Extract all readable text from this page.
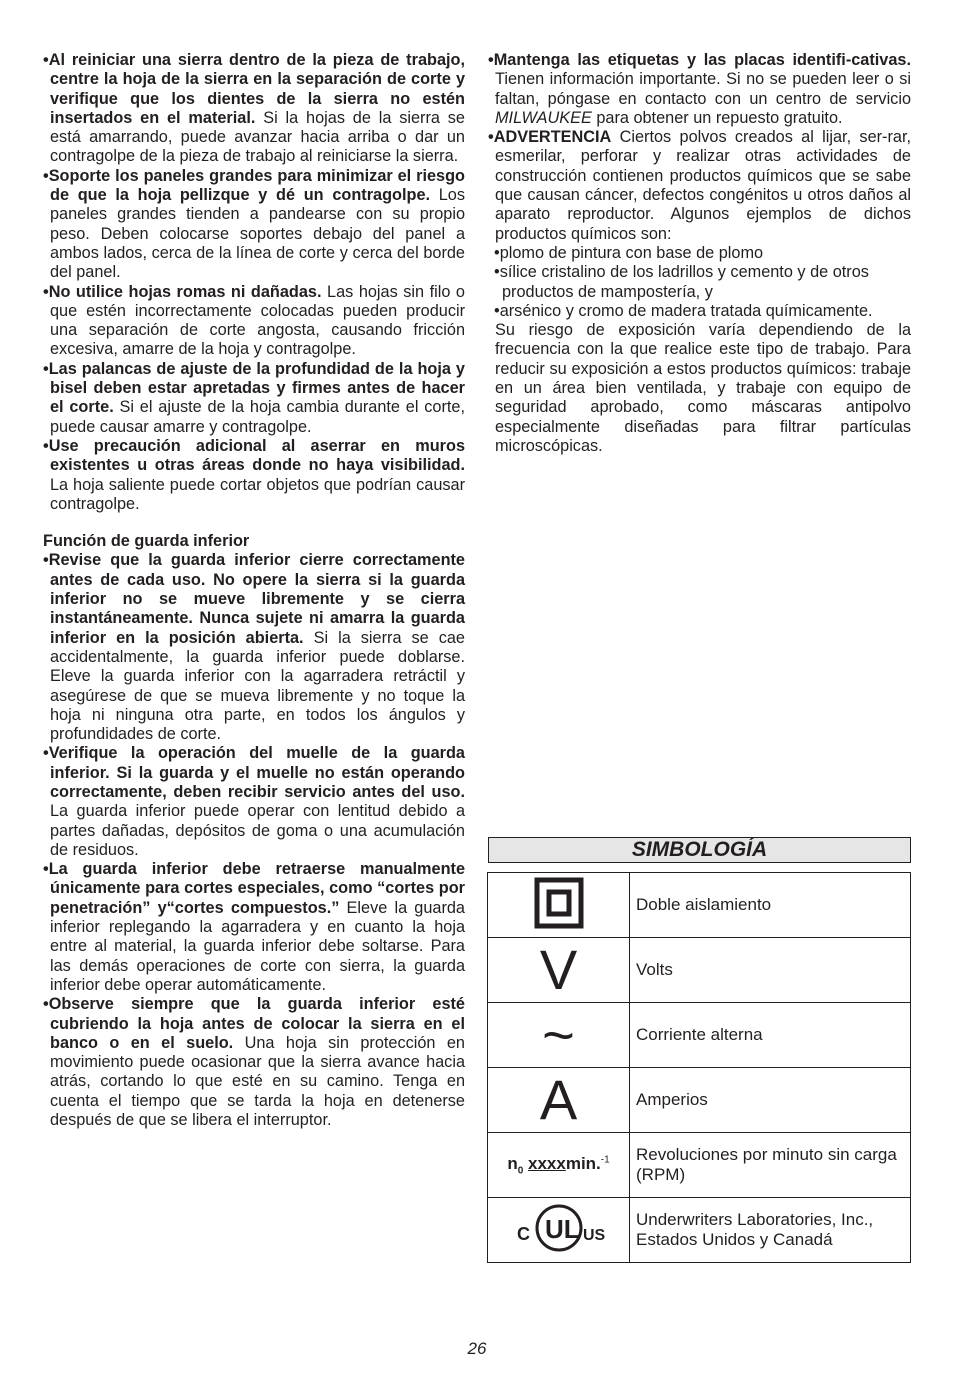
•Al reiniciar una sierra dentro de la pieza de trabajo, centre la hoja de la sierra en la separación de corte y verifique que los dientes de la sierra no estén insertados en el material. Si la hojas de la sierra se está amarrando, puede avanzar hacia arriba o dar un contragolpe de la pieza de trabajo al reiniciarse la sierra.

•Soporte los paneles grandes para minimizar el riesgo de que la hoja pellizque y dé un contragolpe. Los paneles grandes tienden a pandearse con su propio peso. Deben colocarse soportes debajo del panel a ambos lados, cerca de la línea de corte y cerca del borde del panel.

•No utilice hojas romas ni dañadas. Las hojas sin filo o que estén incorrectamente colocadas pueden producir una separación de corte angosta, causando fricción excesiva, amarre de la hoja y contragolpe.

•Las palancas de ajuste de la profundidad de la hoja y bisel deben estar apretadas y firmes antes de hacer el corte. Si el ajuste de la hoja cambia durante el corte, puede causar amarre y contragolpe.

•Use precaución adicional al aserrar en muros existentes u otras áreas donde no haya visibilidad. La hoja saliente puede cortar objetos que podrían causar contragolpe.

Función de guarda inferior

•Revise que la guarda inferior cierre correctamente antes de cada uso. No opere la sierra si la guarda inferior no se mueve libremente y se cierra instantáneamente. Nunca sujete ni amarra la guarda inferior en la posición abierta. Si la sierra se cae accidentalmente, la guarda inferior puede doblarse. Eleve la guarda inferior con la agarradera retráctil y asegúrese de que se mueva libremente y no toque la hoja ni ninguna otra parte, en todos los ángulos y profundidades de corte.

•Verifique la operación del muelle de la guarda inferior. Si la guarda y el muelle no están operando correctamente, deben recibir servicio antes del uso. La guarda inferior puede operar con lentitud debido a partes dañadas, depósitos de goma o una acumulación de residuos.

•La guarda inferior debe retraerse manualmente únicamente para cortes especiales, como “cortes por penetración” y“cortes compuestos.” Eleve la guarda inferior replegando la agarradera y en cuanto la hoja entre al material, la guarda inferior debe soltarse. Para las demás operaciones de corte con sierra, la guarda inferior debe operar automáticamente.

•Observe siempre que la guarda inferior esté cubriendo la hoja antes de colocar la sierra en el banco o en el suelo. Una hoja sin protección en movimiento puede ocasionar que la sierra avance hacia atrás, cortando lo que esté en su camino. Tenga en cuenta el tiempo que se tarda la hoja en detenerse después de que se libera el interruptor.

•Mantenga las etiquetas y las placas identifi-cativas. Tienen información importante. Si no se pueden leer o si faltan, póngase en contacto con un centro de servicio MILWAUKEE para obtener un repuesto gratuito.

•ADVERTENCIA Ciertos polvos creados al lijar, ser-rar, esmerilar, perforar y realizar otras actividades de construcción contienen productos químicos que se sabe que causan cáncer, defectos congénitos u otros daños al aparato reproductor. Algunos ejemplos de dichos productos químicos son:

•plomo de pintura con base de plomo

•sílice cristalino de los ladrillos y cemento y de otros productos de mampostería, y

•arsénico y cromo de madera tratada químicamente.

Su riesgo de exposición varía dependiendo de la frecuencia con la que realice este tipo de trabajo. Para reducir su exposición a estos productos químicos: trabaje en un área bien ventilada, y trabaje con equipo de seguridad aprobado, como máscaras antipolvo especialmente diseñadas para filtrar partículas microscópicas.

SIMBOLOGÍA
	Doble aislamiento
V	Volts
~	Corriente alterna
A	Amperios
$n_0$ xxxxmin.$^{-1}$	Revoluciones por minuto sin carga (RPM)

C UL US	Underwriters Laboratories, Inc., Estados Unidos y Canadá
26
